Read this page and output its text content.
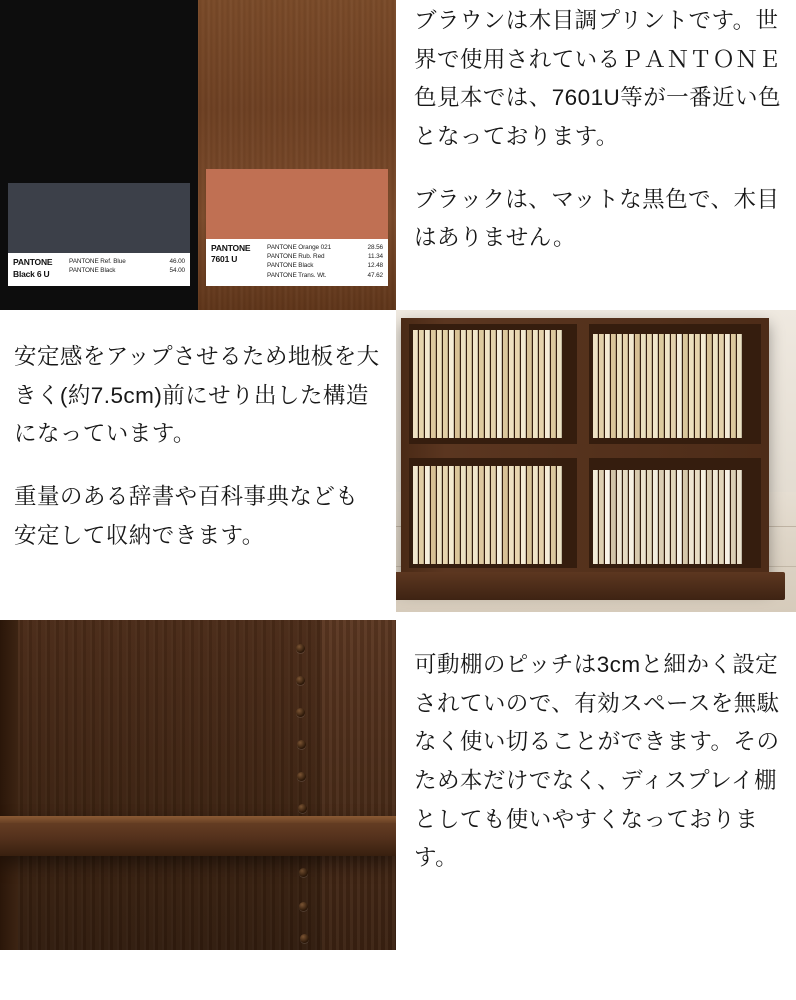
PANTONE
Black 6 U
PANTONE Ref. Blue	46.00
PANTONE Black	54.00
PANTONE
7601 U
PANTONE Orange 021	28.56
PANTONE Rub. Red	11.34
PANTONE Black	12.48
PANTONE Trans. Wt.	47.62

ブラウンは木目調プリントです。世界で使用されているＰＡＮＴＯＮＥ色見本では、7601U等が一番近い色となっております。

ブラックは、マットな黒色で、木目はありません。

安定感をアップさせるため地板を大きく(約7.5cm)前にせり出した構造になっています。

重量のある辞書や百科事典なども安定して収納できます。

可動棚のピッチは3cmと細かく設定されていので、有効スペースを無駄なく使い切ることができます。そのため本だけでなく、ディスプレイ棚としても使いやすくなっております。
